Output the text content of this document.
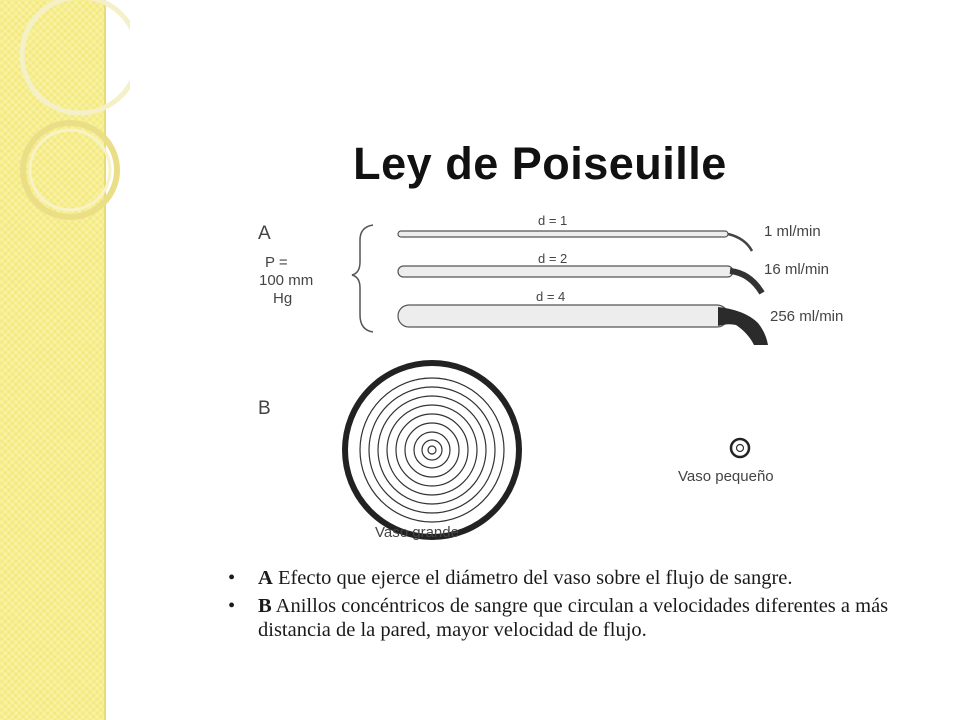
Ley de Poiseuille
A
P =
100 mm
Hg
d = 1
1 ml/min
d = 2
16 ml/min
d = 4
256 ml/min
B
Vaso grande
Vaso pequeño
• A Efecto que ejerce el diámetro del vaso sobre el flujo de sangre.
• B Anillos concéntricos de sangre que circulan a velocidades diferentes a más distancia de la pared, mayor velocidad de flujo.
